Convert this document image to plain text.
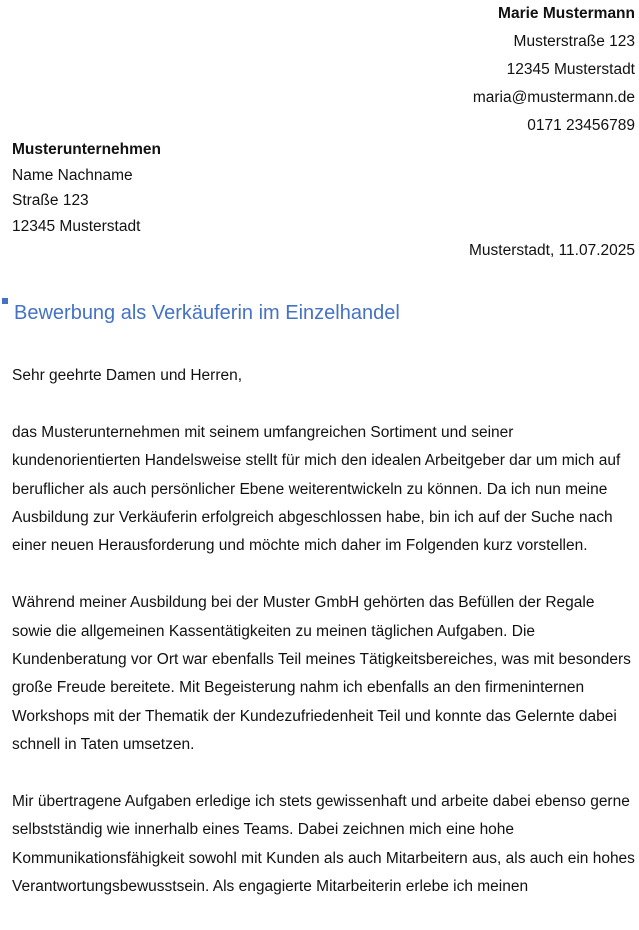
Marie Mustermann
Musterstraße 123
12345 Musterstadt
maria@mustermann.de
0171 23456789
Musterunternehmen
Name Nachname
Straße 123
12345 Musterstadt
Musterstadt, 11.07.2025
Bewerbung als Verkäuferin im Einzelhandel

Sehr geehrte Damen und Herren,

das Musterunternehmen mit seinem umfangreichen Sortiment und seiner kundenorientierten Handelsweise stellt für mich den idealen Arbeitgeber dar um mich auf beruflicher als auch persönlicher Ebene weiterentwickeln zu können. Da ich nun meine Ausbildung zur Verkäuferin erfolgreich abgeschlossen habe, bin ich auf der Suche nach einer neuen Herausforderung und möchte mich daher im Folgenden kurz vorstellen.

Während meiner Ausbildung bei der Muster GmbH gehörten das Befüllen der Regale sowie die allgemeinen Kassentätigkeiten zu meinen täglichen Aufgaben. Die Kundenberatung vor Ort war ebenfalls Teil meines Tätigkeitsbereiches, was mit besonders große Freude bereitete. Mit Begeisterung nahm ich ebenfalls an den firmeninternen Workshops mit der Thematik der Kundezufriedenheit Teil und konnte das Gelernte dabei schnell in Taten umsetzen.

Mir übertragene Aufgaben erledige ich stets gewissenhaft und arbeite dabei ebenso gerne selbstständig wie innerhalb eines Teams. Dabei zeichnen mich eine hohe Kommunikationsfähigkeit sowohl mit Kunden als auch Mitarbeitern aus, als auch ein hohes Verantwortungsbewusstsein. Als engagierte Mitarbeiterin erlebe ich meinen
